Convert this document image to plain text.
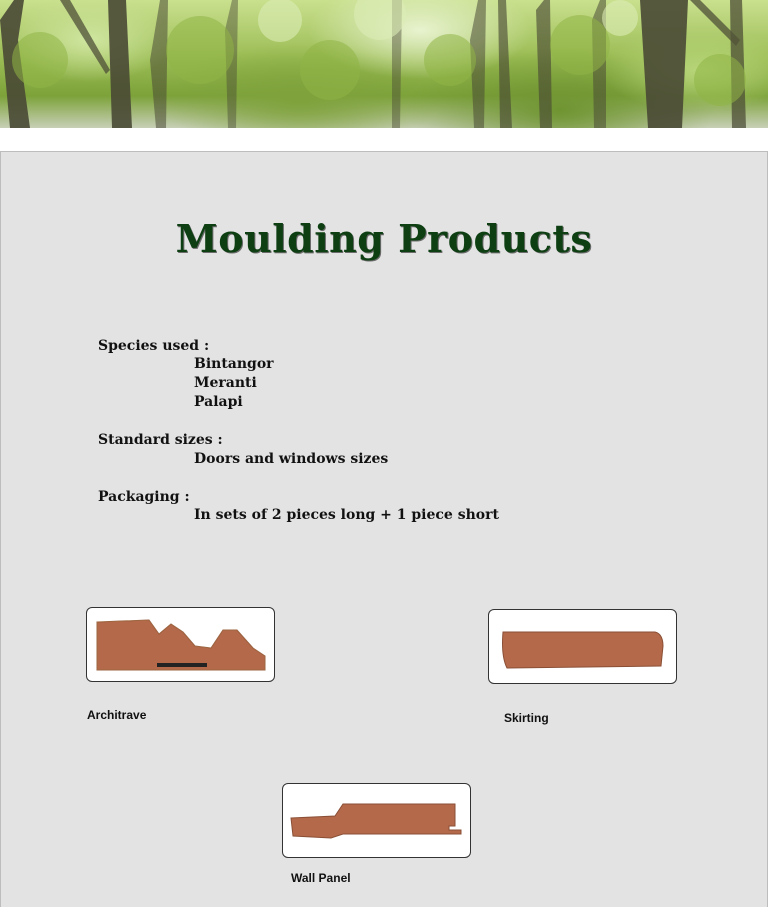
Moulding Products
Species used :
Bintangor
Meranti
Palapi
Standard sizes :
Doors and windows sizes
Packaging :
In sets of 2 pieces long + 1 piece short
Architrave	Skirting
Wall Panel
